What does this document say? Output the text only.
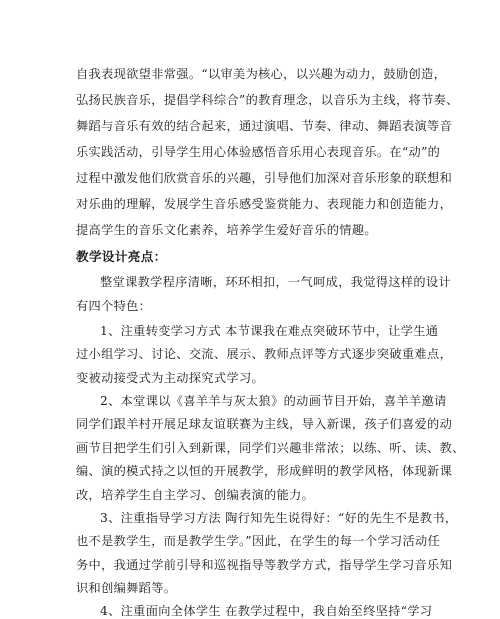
自我表现欲望非常强。“以审美为核心，以兴趣为动力，鼓励创造，
弘扬民族音乐，提倡学科综合”的教育理念，以音乐为主线，将节奏、
舞蹈与音乐有效的结合起来，通过演唱、节奏、律动、舞蹈表演等音
乐实践活动，引导学生用心体验感悟音乐用心表现音乐。在“动”的
过程中激发他们欣赏音乐的兴趣，引导他们加深对音乐形象的联想和
对乐曲的理解，发展学生音乐感受鉴赏能力、表现能力和创造能力，
提高学生的音乐文化素养，培养学生爱好音乐的情趣。
教学设计亮点：
整堂课教学程序清晰，环环相扣，一气呵成，我觉得这样的设计
有四个特色：
1、注重转变学习方式 本节课我在难点突破环节中，让学生通
过小组学习、讨论、交流、展示、教师点评等方式逐步突破重难点，
变被动接受式为主动探究式学习。
2、本堂课以《喜羊羊与灰太狼》的动画节目开始，喜羊羊邀请
同学们跟羊村开展足球友谊联赛为主线，导入新课，孩子们喜爱的动
画节目把学生们引入到新课，同学们兴趣非常浓；以练、听、读、教、
编、演的模式持之以恒的开展教学，形成鲜明的教学风格，体现新课
改，培养学生自主学习、创编表演的能力。
3、注重指导学习方法 陶行知先生说得好：“好的先生不是教书，
也不是教学生，而是教学生学。”因此，在学生的每一个学习活动任
务中，我通过学前引导和巡视指导等教学方式，指导学生学习音乐知
识和创编舞蹈等。
4、注重面向全体学生 在教学过程中，我自始至终坚持“学习
